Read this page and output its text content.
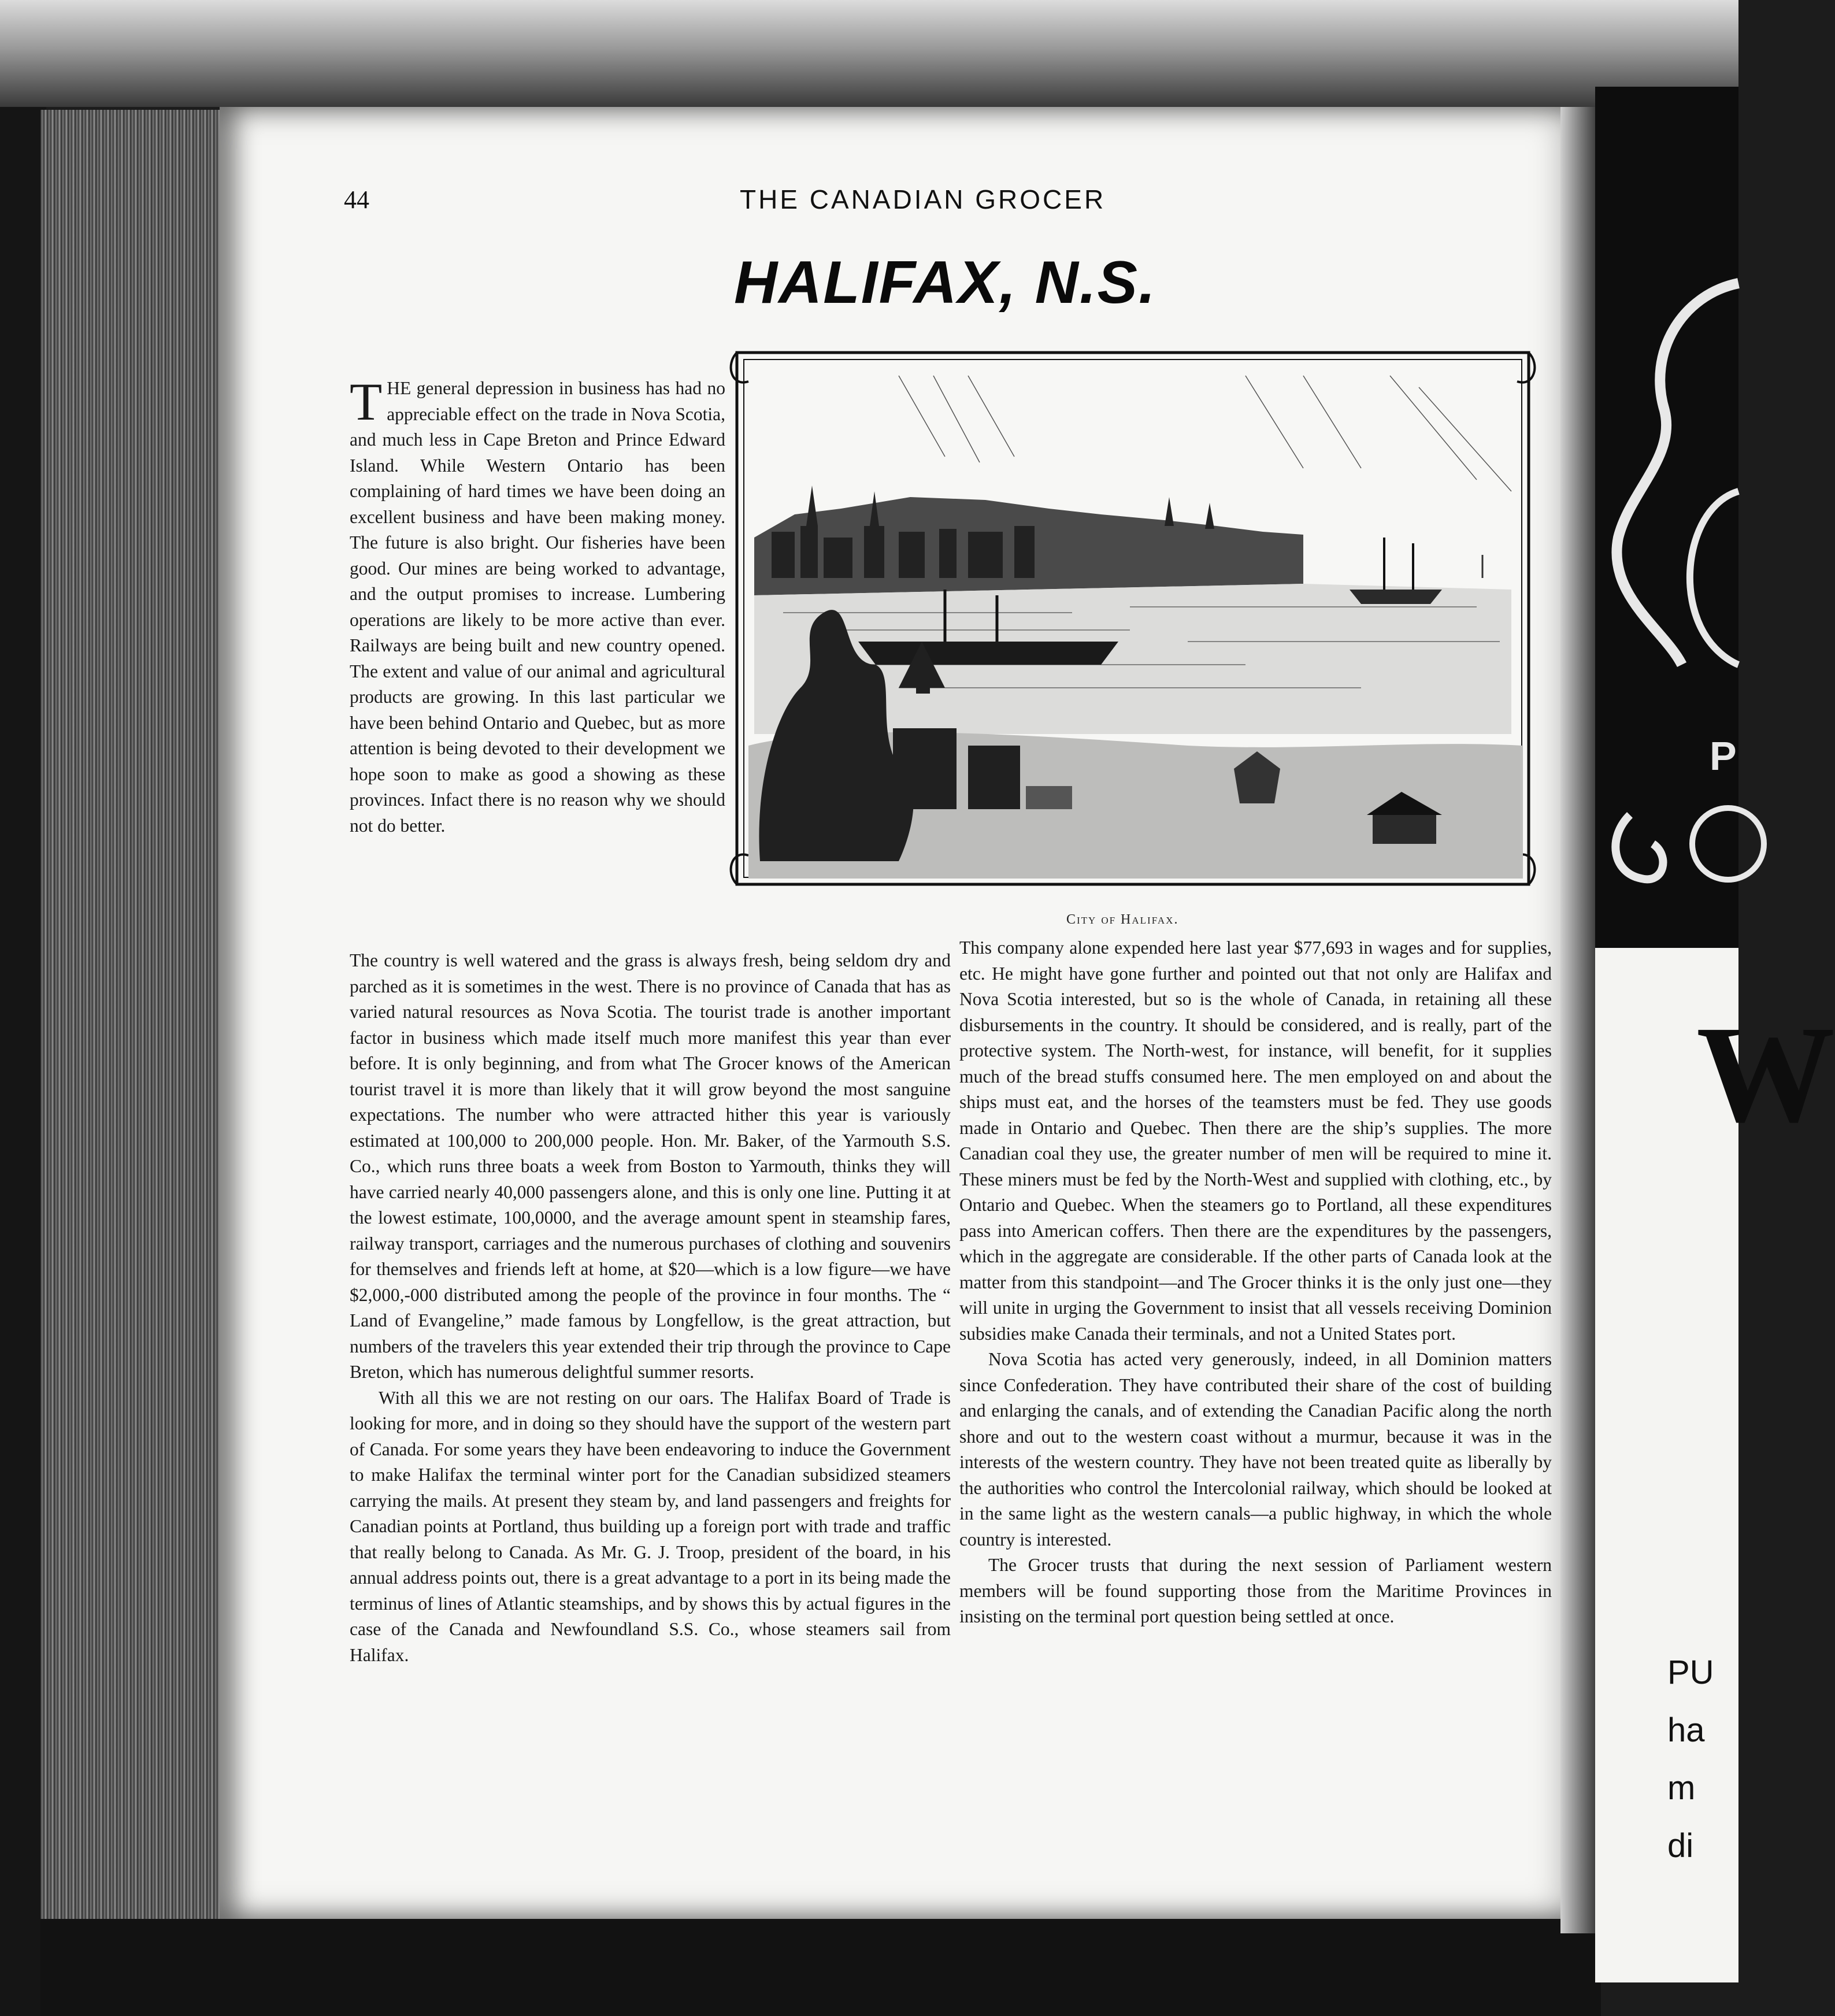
P
W
PU
ha
m
di
44	THE CANADIAN GROCER
HALIFAX, N.S.
City of Halifax.

THE general depression in business has had no appreciable effect on the trade in Nova Scotia, and much less in Cape Breton and Prince Edward Island. While Western Ontario has been complaining of hard times we have been doing an excellent business and have been making money. The future is also bright. Our fisheries have been good. Our mines are being worked to advantage, and the output promises to increase. Lumbering operations are likely to be more active than ever. Railways are being built and new country opened. The extent and value of our animal and agricultural products are growing. In this last particular we have been behind Ontario and Quebec, but as more attention is being devoted to their development we hope soon to make as good a showing as these provinces. Infact there is no reason why we should not do better.

The country is well watered and the grass is always fresh, being seldom dry and parched as it is sometimes in the west. There is no province of Canada that has as varied natural resources as Nova Scotia. The tourist trade is another important factor in business which made itself much more manifest this year than ever before. It is only beginning, and from what The Grocer knows of the American tourist travel it is more than likely that it will grow beyond the most sanguine expectations. The number who were attracted hither this year is variously estimated at 100,000 to 200,000 people. Hon. Mr. Baker, of the Yarmouth S.S. Co., which runs three boats a week from Boston to Yarmouth, thinks they will have carried nearly 40,000 passengers alone, and this is only one line. Putting it at the lowest estimate, 100,0000, and the average amount spent in steamship fares, railway transport, carriages and the numerous purchases of clothing and souvenirs for themselves and friends left at home, at $20—which is a low figure—we have $2,000,-000 distributed among the people of the province in four months. The “ Land of Evangeline,” made famous by Longfellow, is the great attraction, but numbers of the travelers this year extended their trip through the province to Cape Breton, which has numerous delightful summer resorts.

With all this we are not resting on our oars. The Halifax Board of Trade is looking for more, and in doing so they should have the support of the western part of Canada. For some years they have been endeavoring to induce the Government to make Halifax the terminal winter port for the Canadian subsidized steamers carrying the mails. At present they steam by, and land passengers and freights for Canadian points at Portland, thus building up a foreign port with trade and traffic that really belong to Canada. As Mr. G. J. Troop, president of the board, in his annual address points out, there is a great advantage to a port in its being made the terminus of lines of Atlantic steamships, and by shows this by actual figures in the case of the Canada and Newfoundland S.S. Co., whose steamers sail from Halifax.

This company alone expended here last year $77,693 in wages and for supplies, etc. He might have gone further and pointed out that not only are Halifax and Nova Scotia interested, but so is the whole of Canada, in retaining all these disbursements in the country. It should be considered, and is really, part of the protective system. The North-west, for instance, will benefit, for it supplies much of the bread stuffs consumed here. The men employed on and about the ships must eat, and the horses of the teamsters must be fed. They use goods made in Ontario and Quebec. Then there are the ship’s supplies. The more Canadian coal they use, the greater number of men will be required to mine it. These miners must be fed by the North-West and supplied with clothing, etc., by Ontario and Quebec. When the steamers go to Portland, all these expenditures pass into American coffers. Then there are the expenditures by the passengers, which in the aggregate are considerable. If the other parts of Canada look at the matter from this standpoint—and The Grocer thinks it is the only just one—they will unite in urging the Government to insist that all vessels receiving Dominion subsidies make Canada their terminals, and not a United States port.

Nova Scotia has acted very generously, indeed, in all Dominion matters since Confederation. They have contributed their share of the cost of building and enlarging the canals, and of extending the Canadian Pacific along the north shore and out to the western coast without a murmur, because it was in the interests of the western country. They have not been treated quite as liberally by the authorities who control the Intercolonial railway, which should be looked at in the same light as the western canals—a public highway, in which the whole country is interested.

The Grocer trusts that during the next session of Parliament western members will be found supporting those from the Maritime Provinces in insisting on the terminal port question being settled at once.
